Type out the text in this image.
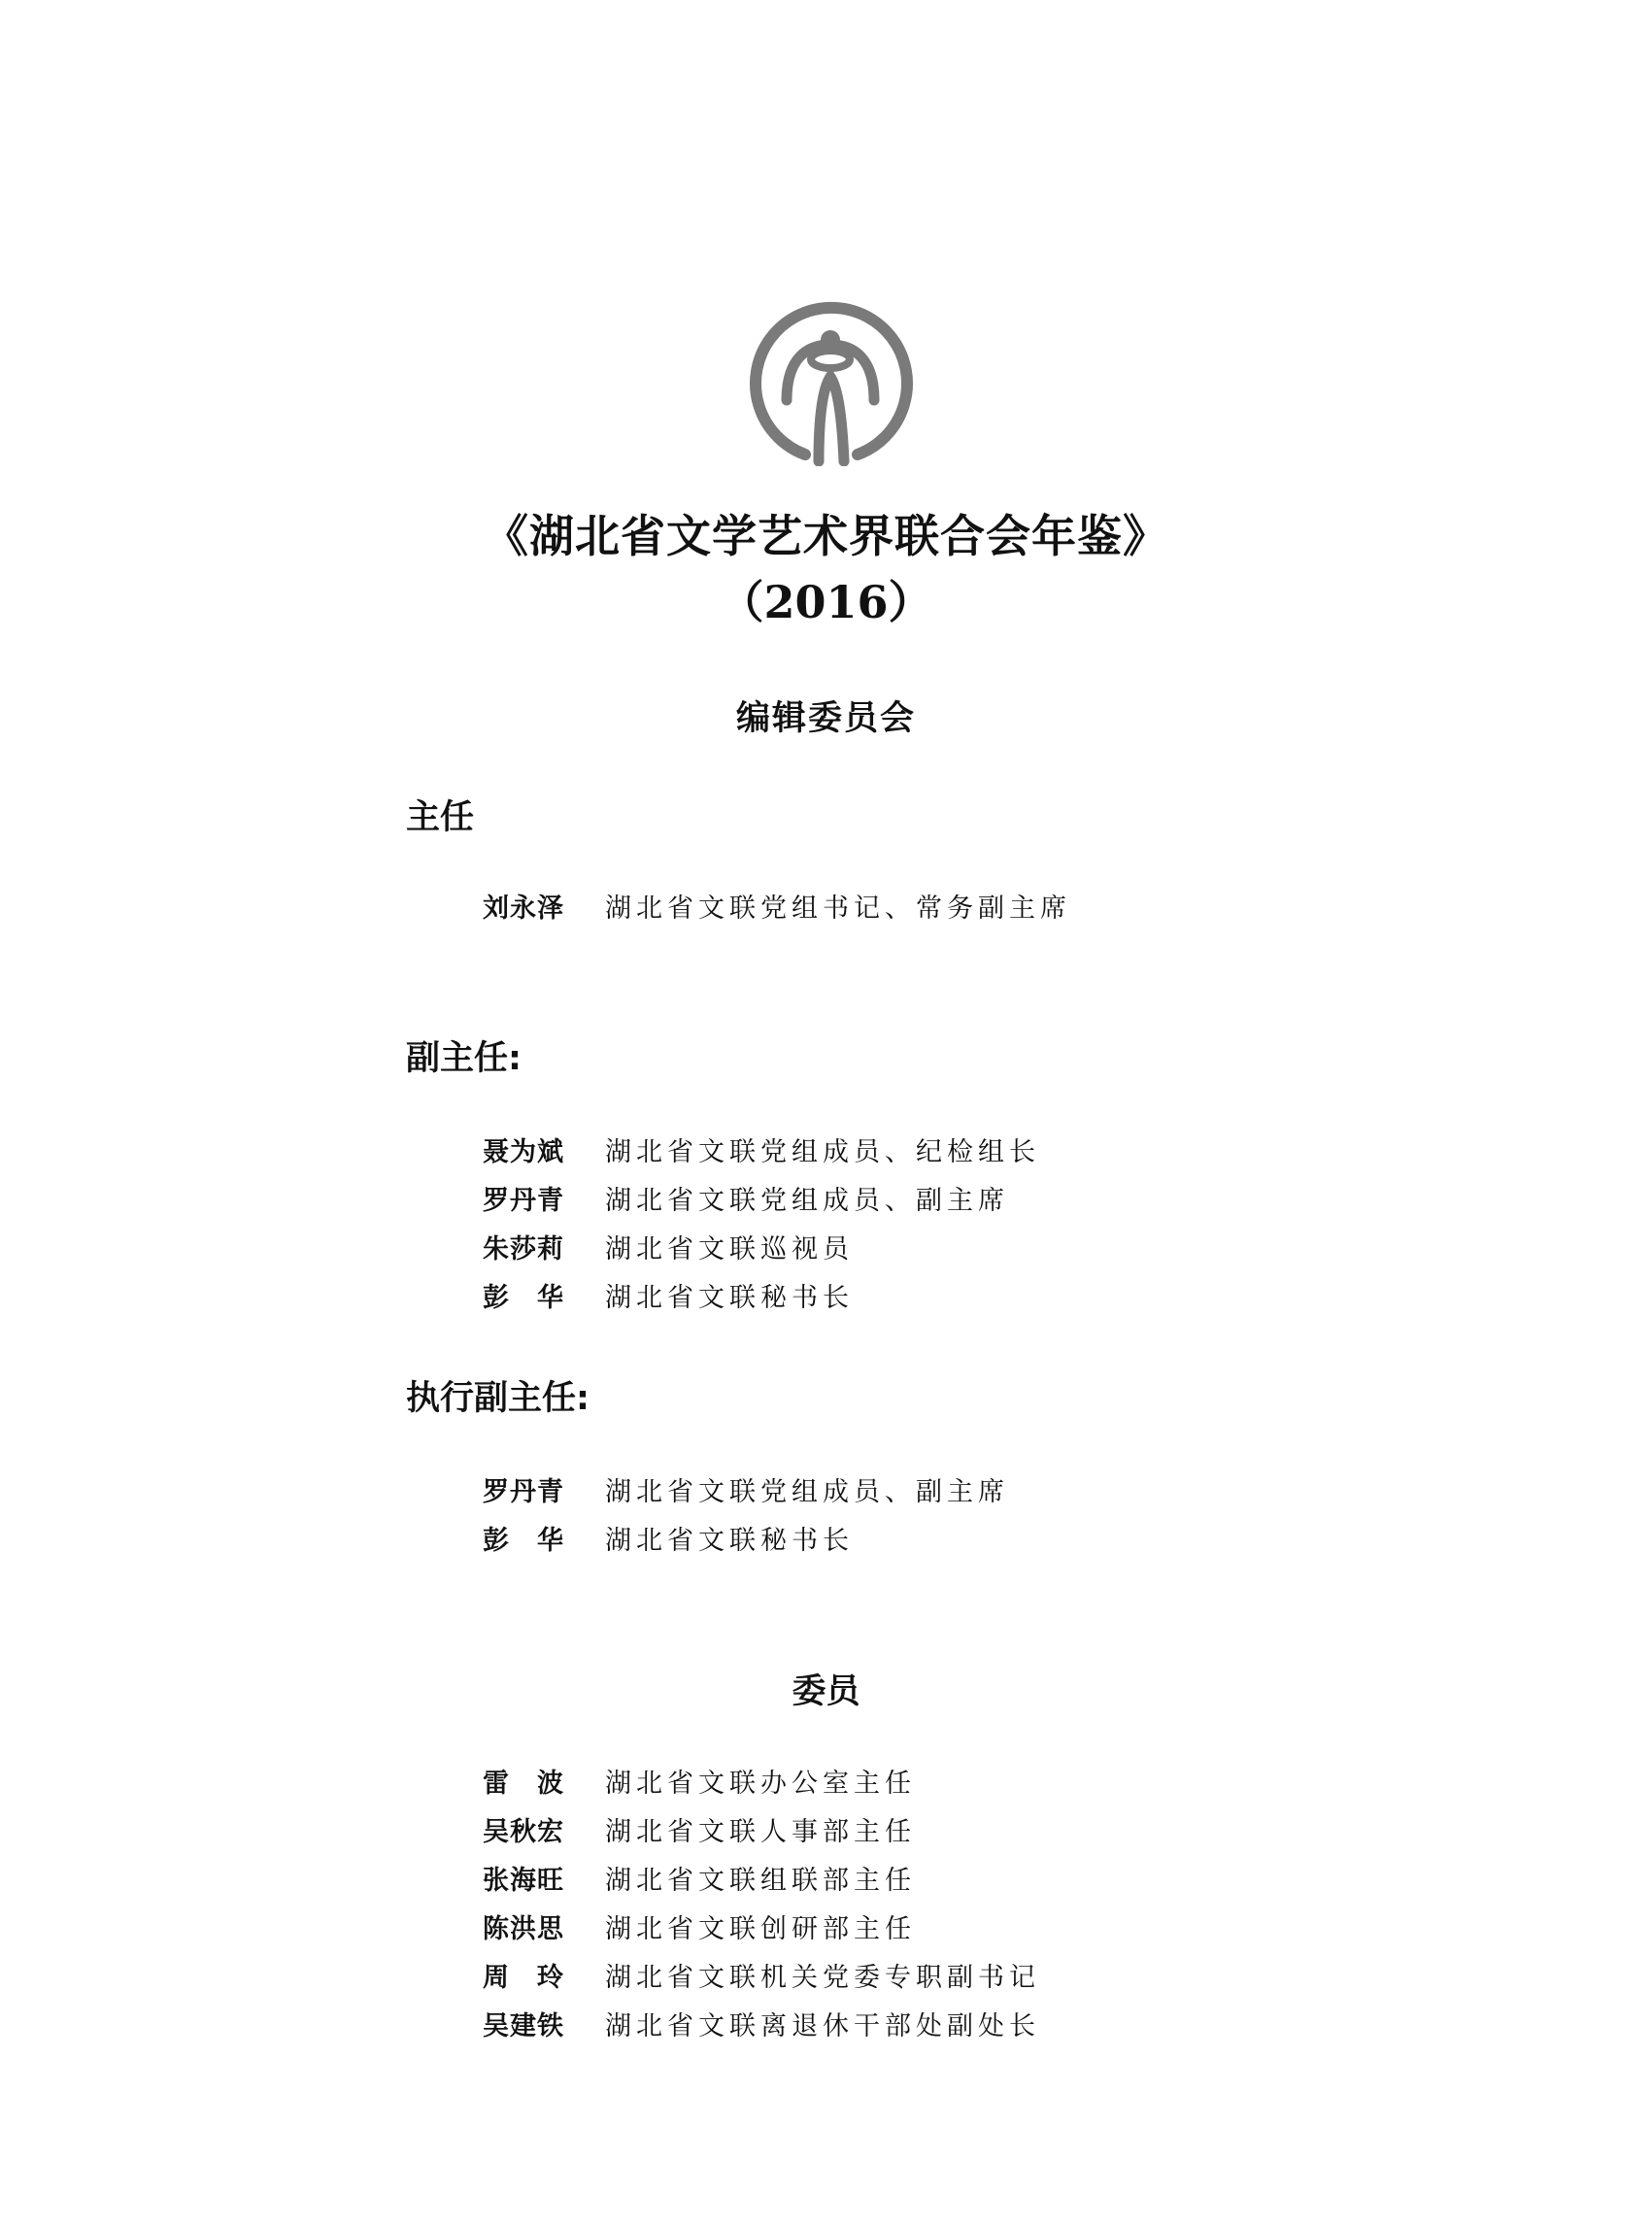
《湖北省文学艺术界联合会年鉴》
（2016）
编辑委员会
主任
刘永泽	湖北省文联党组书记、常务副主席
副主任:
聂为斌	湖北省文联党组成员、纪检组长
罗丹青	湖北省文联党组成员、副主席
朱莎莉	湖北省文联巡视员
彭　华	湖北省文联秘书长
执行副主任:
罗丹青	湖北省文联党组成员、副主席
彭　华	湖北省文联秘书长
委员
雷　波	湖北省文联办公室主任
吴秋宏	湖北省文联人事部主任
张海旺	湖北省文联组联部主任
陈洪思	湖北省文联创研部主任
周　玲	湖北省文联机关党委专职副书记
吴建铁	湖北省文联离退休干部处副处长
